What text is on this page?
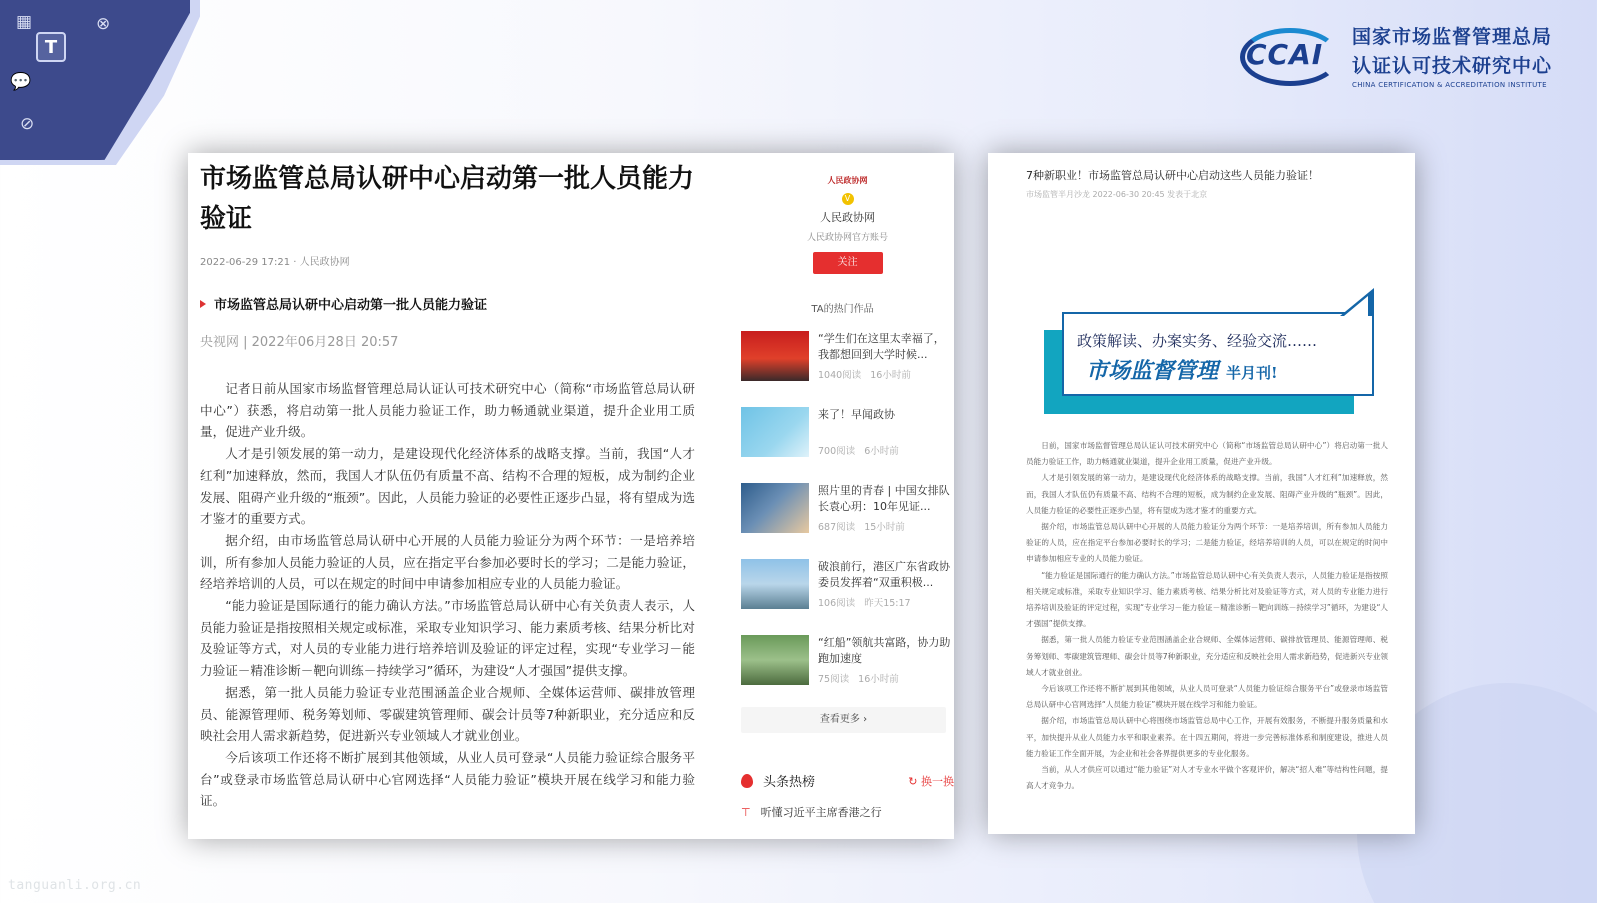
▦	⊗
T
💬
⊘
CCAI
国家市场监督管理总局
认证认可技术研究中心
CHINA CERTIFICATION & ACCREDITATION INSTITUTE
市场监管总局认研中心启动第一批人员能力验证
2022-06-29 17:21 · 人民政协网
市场监管总局认研中心启动第一批人员能力验证
央视网 | 2022年06月28日 20:57

记者日前从国家市场监督管理总局认证认可技术研究中心（简称“市场监管总局认研中心”）获悉，将启动第一批人员能力验证工作，助力畅通就业渠道，提升企业用工质量，促进产业升级。

人才是引领发展的第一动力，是建设现代化经济体系的战略支撑。当前，我国“人才红利”加速释放，然而，我国人才队伍仍有质量不高、结构不合理的短板，成为制约企业发展、阻碍产业升级的“瓶颈”。因此，人员能力验证的必要性正逐步凸显，将有望成为选才鉴才的重要方式。

据介绍，由市场监管总局认研中心开展的人员能力验证分为两个环节：一是培养培训，所有参加人员能力验证的人员，应在指定平台参加必要时长的学习；二是能力验证，经培养培训的人员，可以在规定的时间中申请参加相应专业的人员能力验证。

“能力验证是国际通行的能力确认方法。”市场监管总局认研中心有关负责人表示，人员能力验证是指按照相关规定或标准，采取专业知识学习、能力素质考核、结果分析比对及验证等方式，对人员的专业能力进行培养培训及验证的评定过程，实现“专业学习－能力验证－精准诊断－靶向训练－持续学习”循环，为建设“人才强国”提供支撑。

据悉，第一批人员能力验证专业范围涵盖企业合规师、全媒体运营师、碳排放管理员、能源管理师、税务筹划师、零碳建筑管理师、碳会计员等7种新职业，充分适应和反映社会用人需求新趋势，促进新兴专业领域人才就业创业。

今后该项工作还将不断扩展到其他领域，从业人员可登录“人员能力验证综合服务平台”或登录市场监管总局认研中心官网选择“人员能力验证”模块开展在线学习和能力验证。

人民政协网
V
人民政协网
人民政协网官方账号
关注
TA的热门作品
“学生们在这里太幸福了，我都想回到大学时候...
1040阅读 16小时前
来了！早闻政协
700阅读 6小时前
照片里的青春 | 中国女排队长袁心玥：10年见证...
687阅读 15小时前
破浪前行，港区广东省政协委员发挥着“双重积极...
106阅读 昨天15:17
“红船”领航共富路，协力助跑加速度
75阅读 16小时前
查看更多 ›
头条热榜	↻ 换一换
⊤ 听懂习近平主席香港之行
7种新职业！市场监管总局认研中心启动这些人员能力验证！
市场监管半月沙龙 2022-06-30 20:45 发表于北京
政策解读、办案实务、经验交流……
市场监督管理 半月刊!

日前，国家市场监督管理总局认证认可技术研究中心（简称“市场监管总局认研中心”）将启动第一批人员能力验证工作，助力畅通就业渠道，提升企业用工质量，促进产业升级。

人才是引领发展的第一动力，是建设现代化经济体系的战略支撑。当前，我国“人才红利”加速释放，然而，我国人才队伍仍有质量不高、结构不合理的短板，成为制约企业发展、阻碍产业升级的“瓶颈”。因此，人员能力验证的必要性正逐步凸显，将有望成为选才鉴才的重要方式。

据介绍，市场监管总局认研中心开展的人员能力验证分为两个环节：一是培养培训，所有参加人员能力验证的人员，应在指定平台参加必要时长的学习；二是能力验证，经培养培训的人员，可以在规定的时间中申请参加相应专业的人员能力验证。

“能力验证是国际通行的能力确认方法。”市场监管总局认研中心有关负责人表示，人员能力验证是指按照相关规定或标准，采取专业知识学习、能力素质考核、结果分析比对及验证等方式，对人员的专业能力进行培养培训及验证的评定过程，实现“专业学习－能力验证－精准诊断－靶向训练－持续学习”循环，为建设“人才强国”提供支撑。

据悉，第一批人员能力验证专业范围涵盖企业合规师、全媒体运营师、碳排放管理员、能源管理师、税务筹划师、零碳建筑管理师、碳会计员等7种新职业，充分适应和反映社会用人需求新趋势，促进新兴专业领域人才就业创业。

今后该项工作还将不断扩展到其他领域，从业人员可登录“人员能力验证综合服务平台”或登录市场监管总局认研中心官网选择“人员能力验证”模块开展在线学习和能力验证。

据介绍，市场监管总局认研中心将围绕市场监管总局中心工作，开展有效服务，不断提升服务质量和水平，加快提升从业人员能力水平和职业素养。在十四五期间，将进一步完善标准体系和制度建设，推进人员能力验证工作全面开展，为企业和社会各界提供更多的专业化服务。

当前，从人才供应可以通过“能力验证”对人才专业水平做个客观评价，解决“招人难”等结构性问题，提高人才竞争力。

tanguanli.org.cn
